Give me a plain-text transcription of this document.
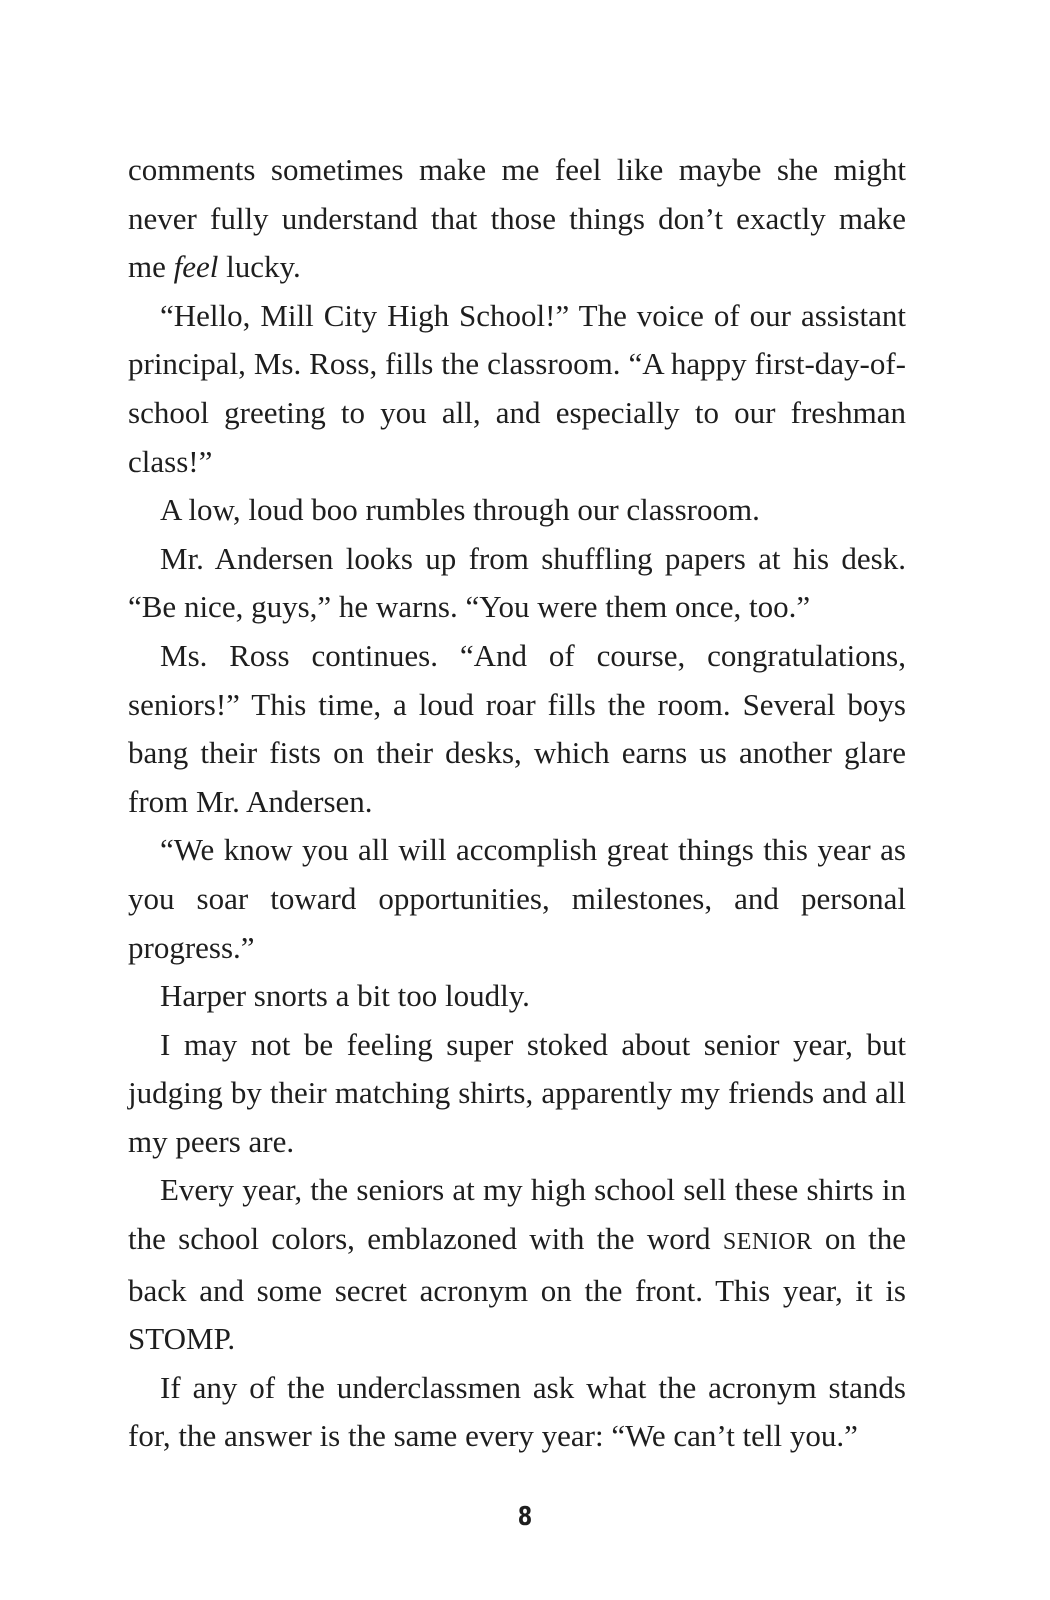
comments sometimes make me feel like maybe she might never fully understand that those things don’t exactly make me feel lucky.

“Hello, Mill City High School!” The voice of our assistant principal, Ms. Ross, fills the classroom. “A happy first-day-of-school greeting to you all, and especially to our freshman class!”

A low, loud boo rumbles through our classroom.

Mr. Andersen looks up from shuffling papers at his desk. “Be nice, guys,” he warns. “You were them once, too.”

Ms. Ross continues. “And of course, congratulations, seniors!” This time, a loud roar fills the room. Several boys bang their fists on their desks, which earns us another glare from Mr. Andersen.

“We know you all will accomplish great things this year as you soar toward opportunities, milestones, and personal progress.”

Harper snorts a bit too loudly.

I may not be feeling super stoked about senior year, but judging by their matching shirts, apparently my friends and all my peers are.

Every year, the seniors at my high school sell these shirts in the school colors, emblazoned with the word SENIOR on the back and some secret acronym on the front. This year, it is STOMP.

If any of the underclassmen ask what the acronym stands for, the answer is the same every year: “We can’t tell you.”

8
